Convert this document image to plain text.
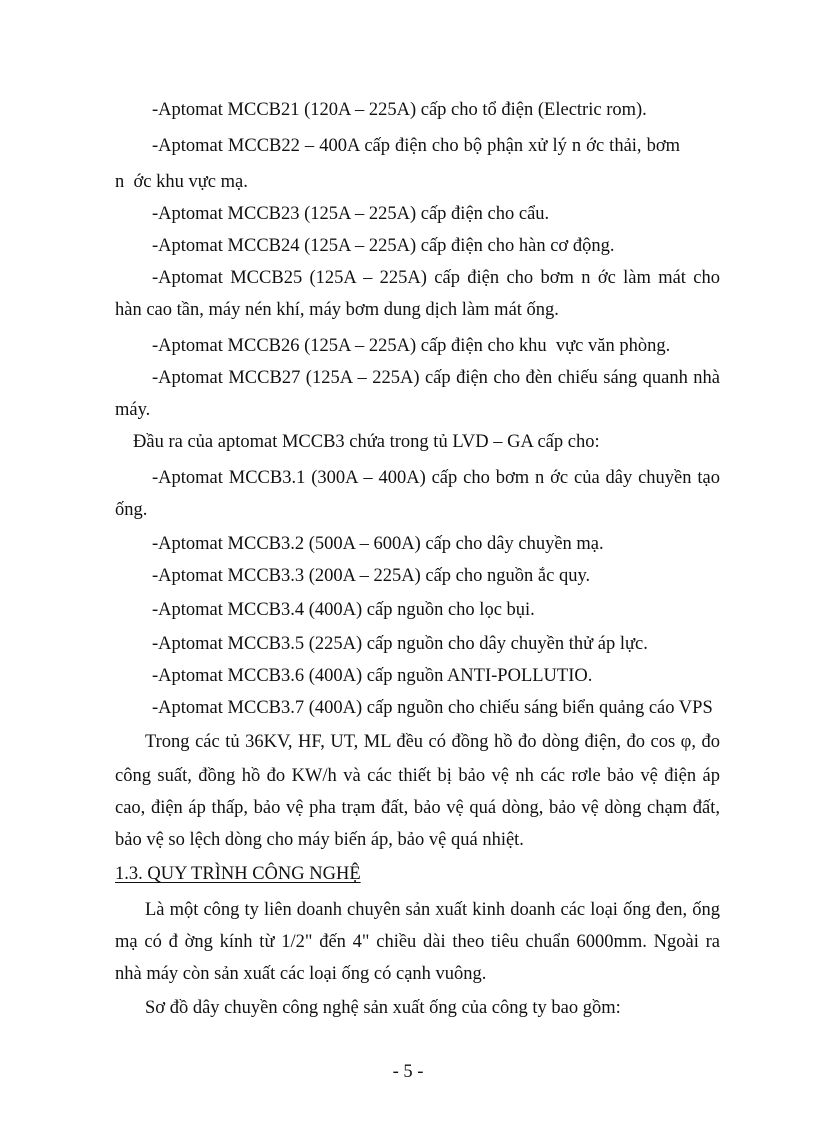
-Aptomat MCCB21 (120A – 225A) cấp cho tổ điện (Electric rom).
-Aptomat MCCB22 – 400A cấp điện cho bộ phận xử lý n ớc thải, bơm
n  ớc khu vực mạ.
-Aptomat MCCB23 (125A – 225A) cấp điện cho cẩu.
-Aptomat MCCB24 (125A – 225A) cấp điện cho hàn cơ động.
-Aptomat MCCB25 (125A – 225A) cấp điện cho bơm n ớc làm mát cho
hàn cao tần, máy nén khí, máy bơm dung dịch làm mát ống.
-Aptomat MCCB26 (125A – 225A) cấp điện cho khu  vực văn phòng.
-Aptomat MCCB27 (125A – 225A) cấp điện cho đèn chiếu sáng quanh nhà
máy.
Đầu ra của aptomat MCCB3 chứa trong tủ LVD – GA cấp cho:
-Aptomat MCCB3.1 (300A – 400A) cấp cho bơm n ớc của dây chuyền tạo
ống.
-Aptomat MCCB3.2 (500A – 600A) cấp cho dây chuyền mạ.
-Aptomat MCCB3.3 (200A – 225A) cấp cho nguồn ắc quy.
-Aptomat MCCB3.4 (400A) cấp nguồn cho lọc bụi.
-Aptomat MCCB3.5 (225A) cấp nguồn cho dây chuyền thử áp lực.
-Aptomat MCCB3.6 (400A) cấp nguồn ANTI-POLLUTIO.
-Aptomat MCCB3.7 (400A) cấp nguồn cho chiếu sáng biển quảng cáo VPS
Trong các tủ 36KV, HF, UT, ML đều có đồng hồ đo dòng điện, đo cos φ, đo
công suất, đồng hồ đo KW/h và các thiết bị bảo vệ nh các rơle bảo vệ điện áp
cao, điện áp thấp, bảo vệ pha trạm đất, bảo vệ quá dòng, bảo vệ dòng chạm đất,
bảo vệ so lệch dòng cho máy biến áp, bảo vệ quá nhiệt.
1.3. QUY TRÌNH CÔNG NGHỆ
Là một công ty liên doanh chuyên sản xuất kinh doanh các loại ống đen, ống
mạ có đ ờng kính từ 1/2" đến 4" chiều dài theo tiêu chuẩn 6000mm. Ngoài ra
nhà máy còn sản xuất các loại ống có cạnh vuông.
Sơ đồ dây chuyền công nghệ sản xuất ống của công ty bao gồm:
- 5 -
